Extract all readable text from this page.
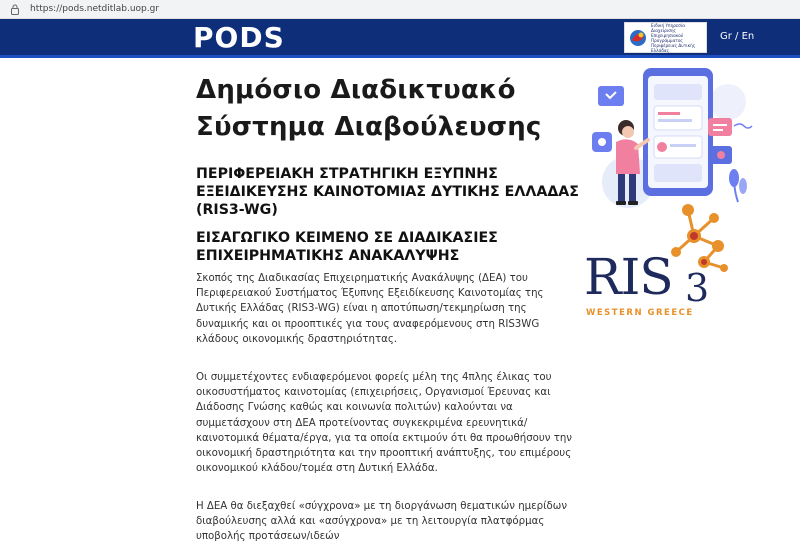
https://pods.netditlab.uop.gr
PODS	Ειδική Υπηρεσία Διαχείρισης Επιχειρησιακού Προγράμματος Περιφέρειας Δυτικής Ελλάδας
Gr / En
Δημόσιο Διαδικτυακό Σύστημα Διαβούλευσης
ΠΕΡΙΦΕΡΕΙΑΚΗ ΣΤΡΑΤΗΓΙΚΗ ΕΞΥΠΝΗΣ ΕΞΕΙΔΙΚΕΥΣΗΣ ΚΑΙΝΟΤΟΜΙΑΣ ΔΥΤΙΚΗΣ ΕΛΛΑΔΑΣ (RIS3-WG)
ΕΙΣΑΓΩΓΙΚΟ ΚΕΙΜΕΝΟ ΣΕ ΔΙΑΔΙΚΑΣΙΕΣ ΕΠΙΧΕΙΡΗΜΑΤΙΚΗΣ ΑΝΑΚΑΛΥΨΗΣ

Σκοπός της Διαδικασίας Επιχειρηματικής Ανακάλυψης (ΔΕΑ) του Περιφερειακού Συστήματος Έξυπνης Εξειδίκευσης Καινοτομίας της Δυτικής Ελλάδας (RIS3-WG) είναι η αποτύπωση/τεκμηρίωση της δυναμικής και οι προοπτικές για τους αναφερόμενους στη RIS3WG κλάδους οικονομικής δραστηριότητας.

Οι συμμετέχοντες ενδιαφερόμενοι φορείς μέλη της 4πλης έλικας του οικοσυστήματος καινοτομίας (επιχειρήσεις, Οργανισμοί Έρευνας και Διάδοσης Γνώσης καθώς και κοινωνία πολιτών) καλούνται να συμμετάσχουν στη ΔΕΑ προτείνοντας συγκεκριμένα ερευνητικά/καινοτομικά θέματα/έργα, για τα οποία εκτιμούν ότι θα προωθήσουν την οικονομική δραστηριότητα και την προοπτική ανάπτυξης, του επιμέρους οικονομικού κλάδου/τομέα στη Δυτική Ελλάδα.

Η ΔΕΑ θα διεξαχθεί «σύγχρονα» με τη διοργάνωση θεματικών ημερίδων διαβούλευσης αλλά και «ασύγχρονα» με τη λειτουργία πλατφόρμας υποβολής προτάσεων/ιδεών

RIS 3
WESTERN GREECE
